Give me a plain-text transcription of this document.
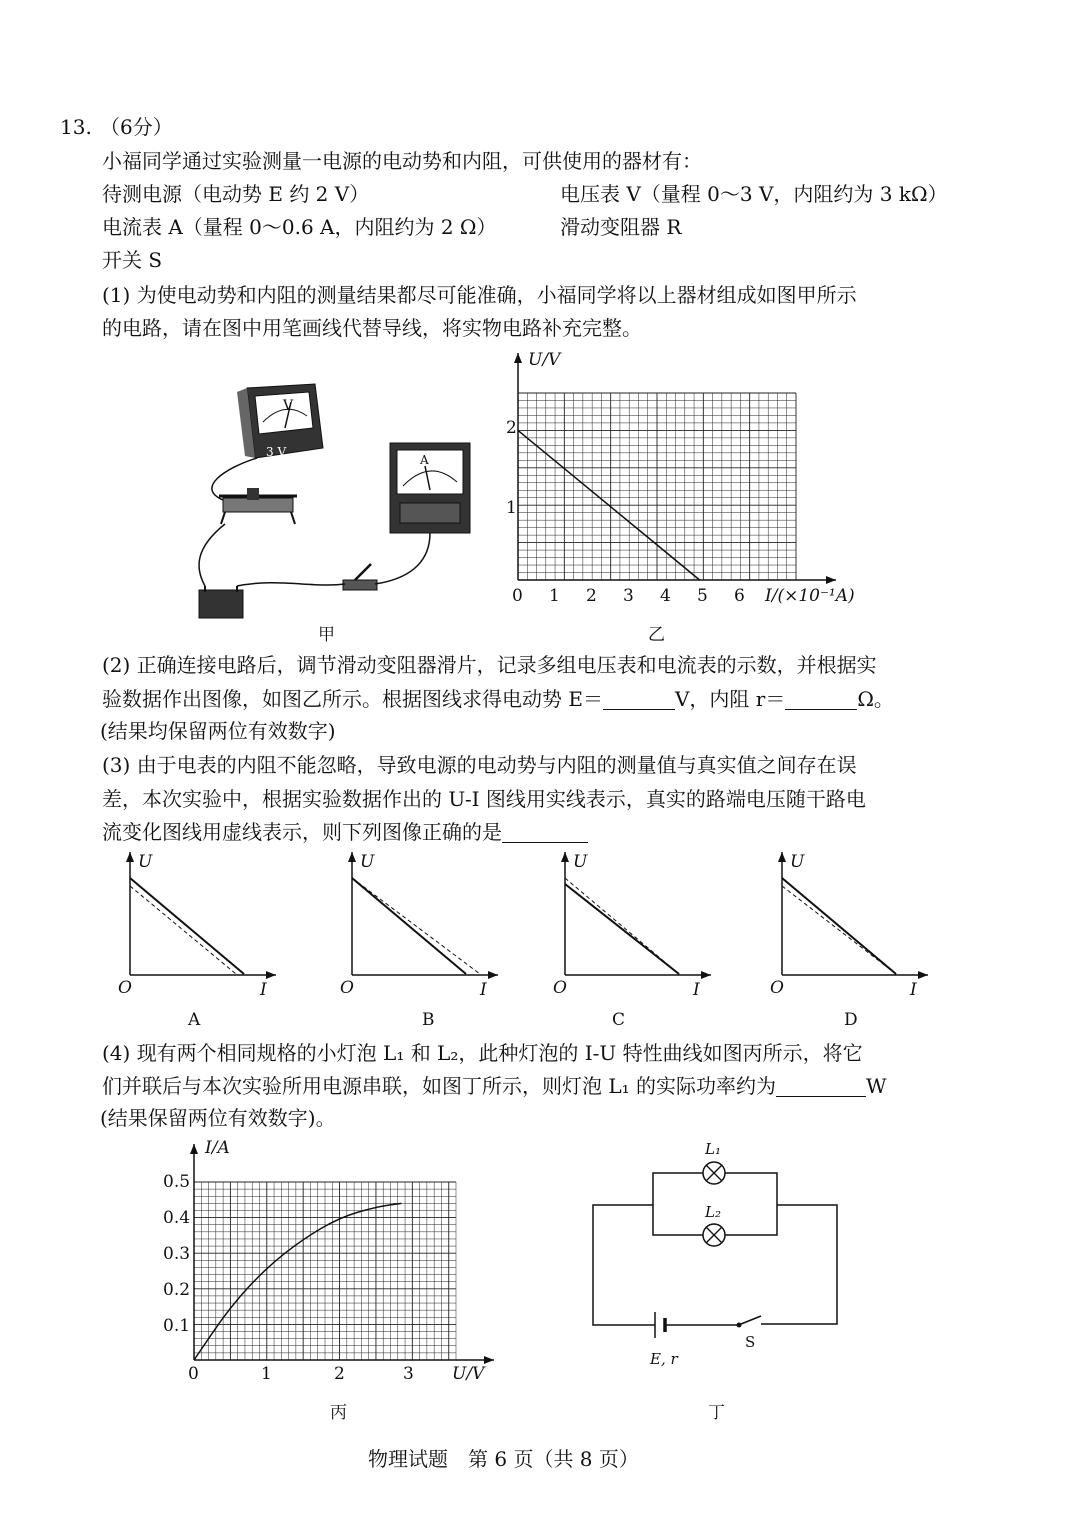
13. （6分）
小福同学通过实验测量一电源的电动势和内阻，可供使用的器材有：
待测电源（电动势 E 约 2 V）	电压表 V（量程 0～3 V，内阻约为 3 kΩ）
电流表 A（量程 0～0.6 A，内阻约为 2 Ω）	滑动变阻器 R
开关 S
(1) 为使电动势和内阻的测量结果都尽可能准确，小福同学将以上器材组成如图甲所示
的电路，请在图中用笔画线代替导线，将实物电路补充完整。
V
3 V
A
甲
U/V
2
1
0 1 2 3 4 5 6 I/(×10⁻¹A)
乙
(2) 正确连接电路后，调节滑动变阻器滑片，记录多组电压表和电流表的示数，并根据实
验数据作出图像，如图乙所示。根据图线求得电动势 E＝	V，内阻 r＝	Ω。
(结果均保留两位有效数字)
(3) 由于电表的内阻不能忽略，导致电源的电动势与内阻的测量值与真实值之间存在误
差，本次实验中，根据实验数据作出的 U-I 图线用实线表示，真实的路端电压随干路电
流变化图线用虚线表示，则下列图像正确的是
U
O	I
A
U
O	I
B
U
O	I
C
U
O	I
D
(4) 现有两个相同规格的小灯泡 L₁ 和 L₂，此种灯泡的 I-U 特性曲线如图丙所示，将它
们并联后与本次实验所用电源串联，如图丁所示，则灯泡 L₁ 的实际功率约为	W
(结果保留两位有效数字)。
I/A
0.5
0.4
0.3
0.2
0.1
0	1	2	3 U/V
丙
L₁
L₂
E, r
S
丁
物理试题　第 6 页（共 8 页）
